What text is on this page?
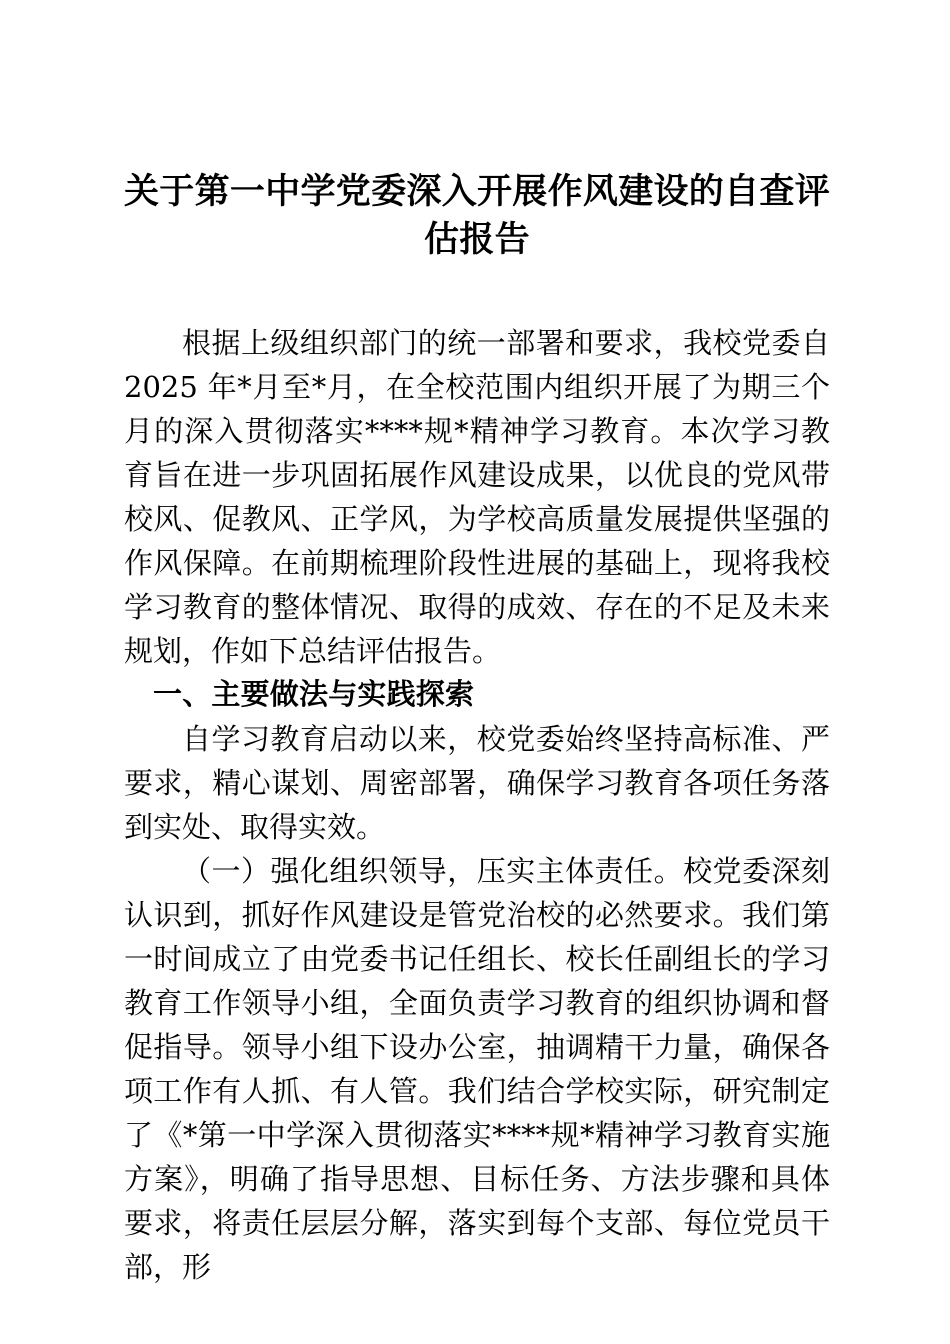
关于第一中学党委深入开展作风建设的自查评估报告

根据上级组织部门的统一部署和要求，我校党委自 2025 年*月至*月，在全校范围内组织开展了为期三个月的深入贯彻落实****规*精神学习教育。本次学习教育旨在进一步巩固拓展作风建设成果，以优良的党风带校风、促教风、正学风，为学校高质量发展提供坚强的作风保障。在前期梳理阶段性进展的基础上，现将我校学习教育的整体情况、取得的成效、存在的不足及未来规划，作如下总结评估报告。

一、主要做法与实践探索

自学习教育启动以来，校党委始终坚持高标准、严要求，精心谋划、周密部署，确保学习教育各项任务落到实处、取得实效。

（一）强化组织领导，压实主体责任。校党委深刻认识到，抓好作风建设是管党治校的必然要求。我们第一时间成立了由党委书记任组长、校长任副组长的学习教育工作领导小组，全面负责学习教育的组织协调和督促指导。领导小组下设办公室，抽调精干力量，确保各项工作有人抓、有人管。我们结合学校实际，研究制定了《*第一中学深入贯彻落实****规*精神学习教育实施方案》，明确了指导思想、目标任务、方法步骤和具体要求，将责任层层分解，落实到每个支部、每位党员干部，形
